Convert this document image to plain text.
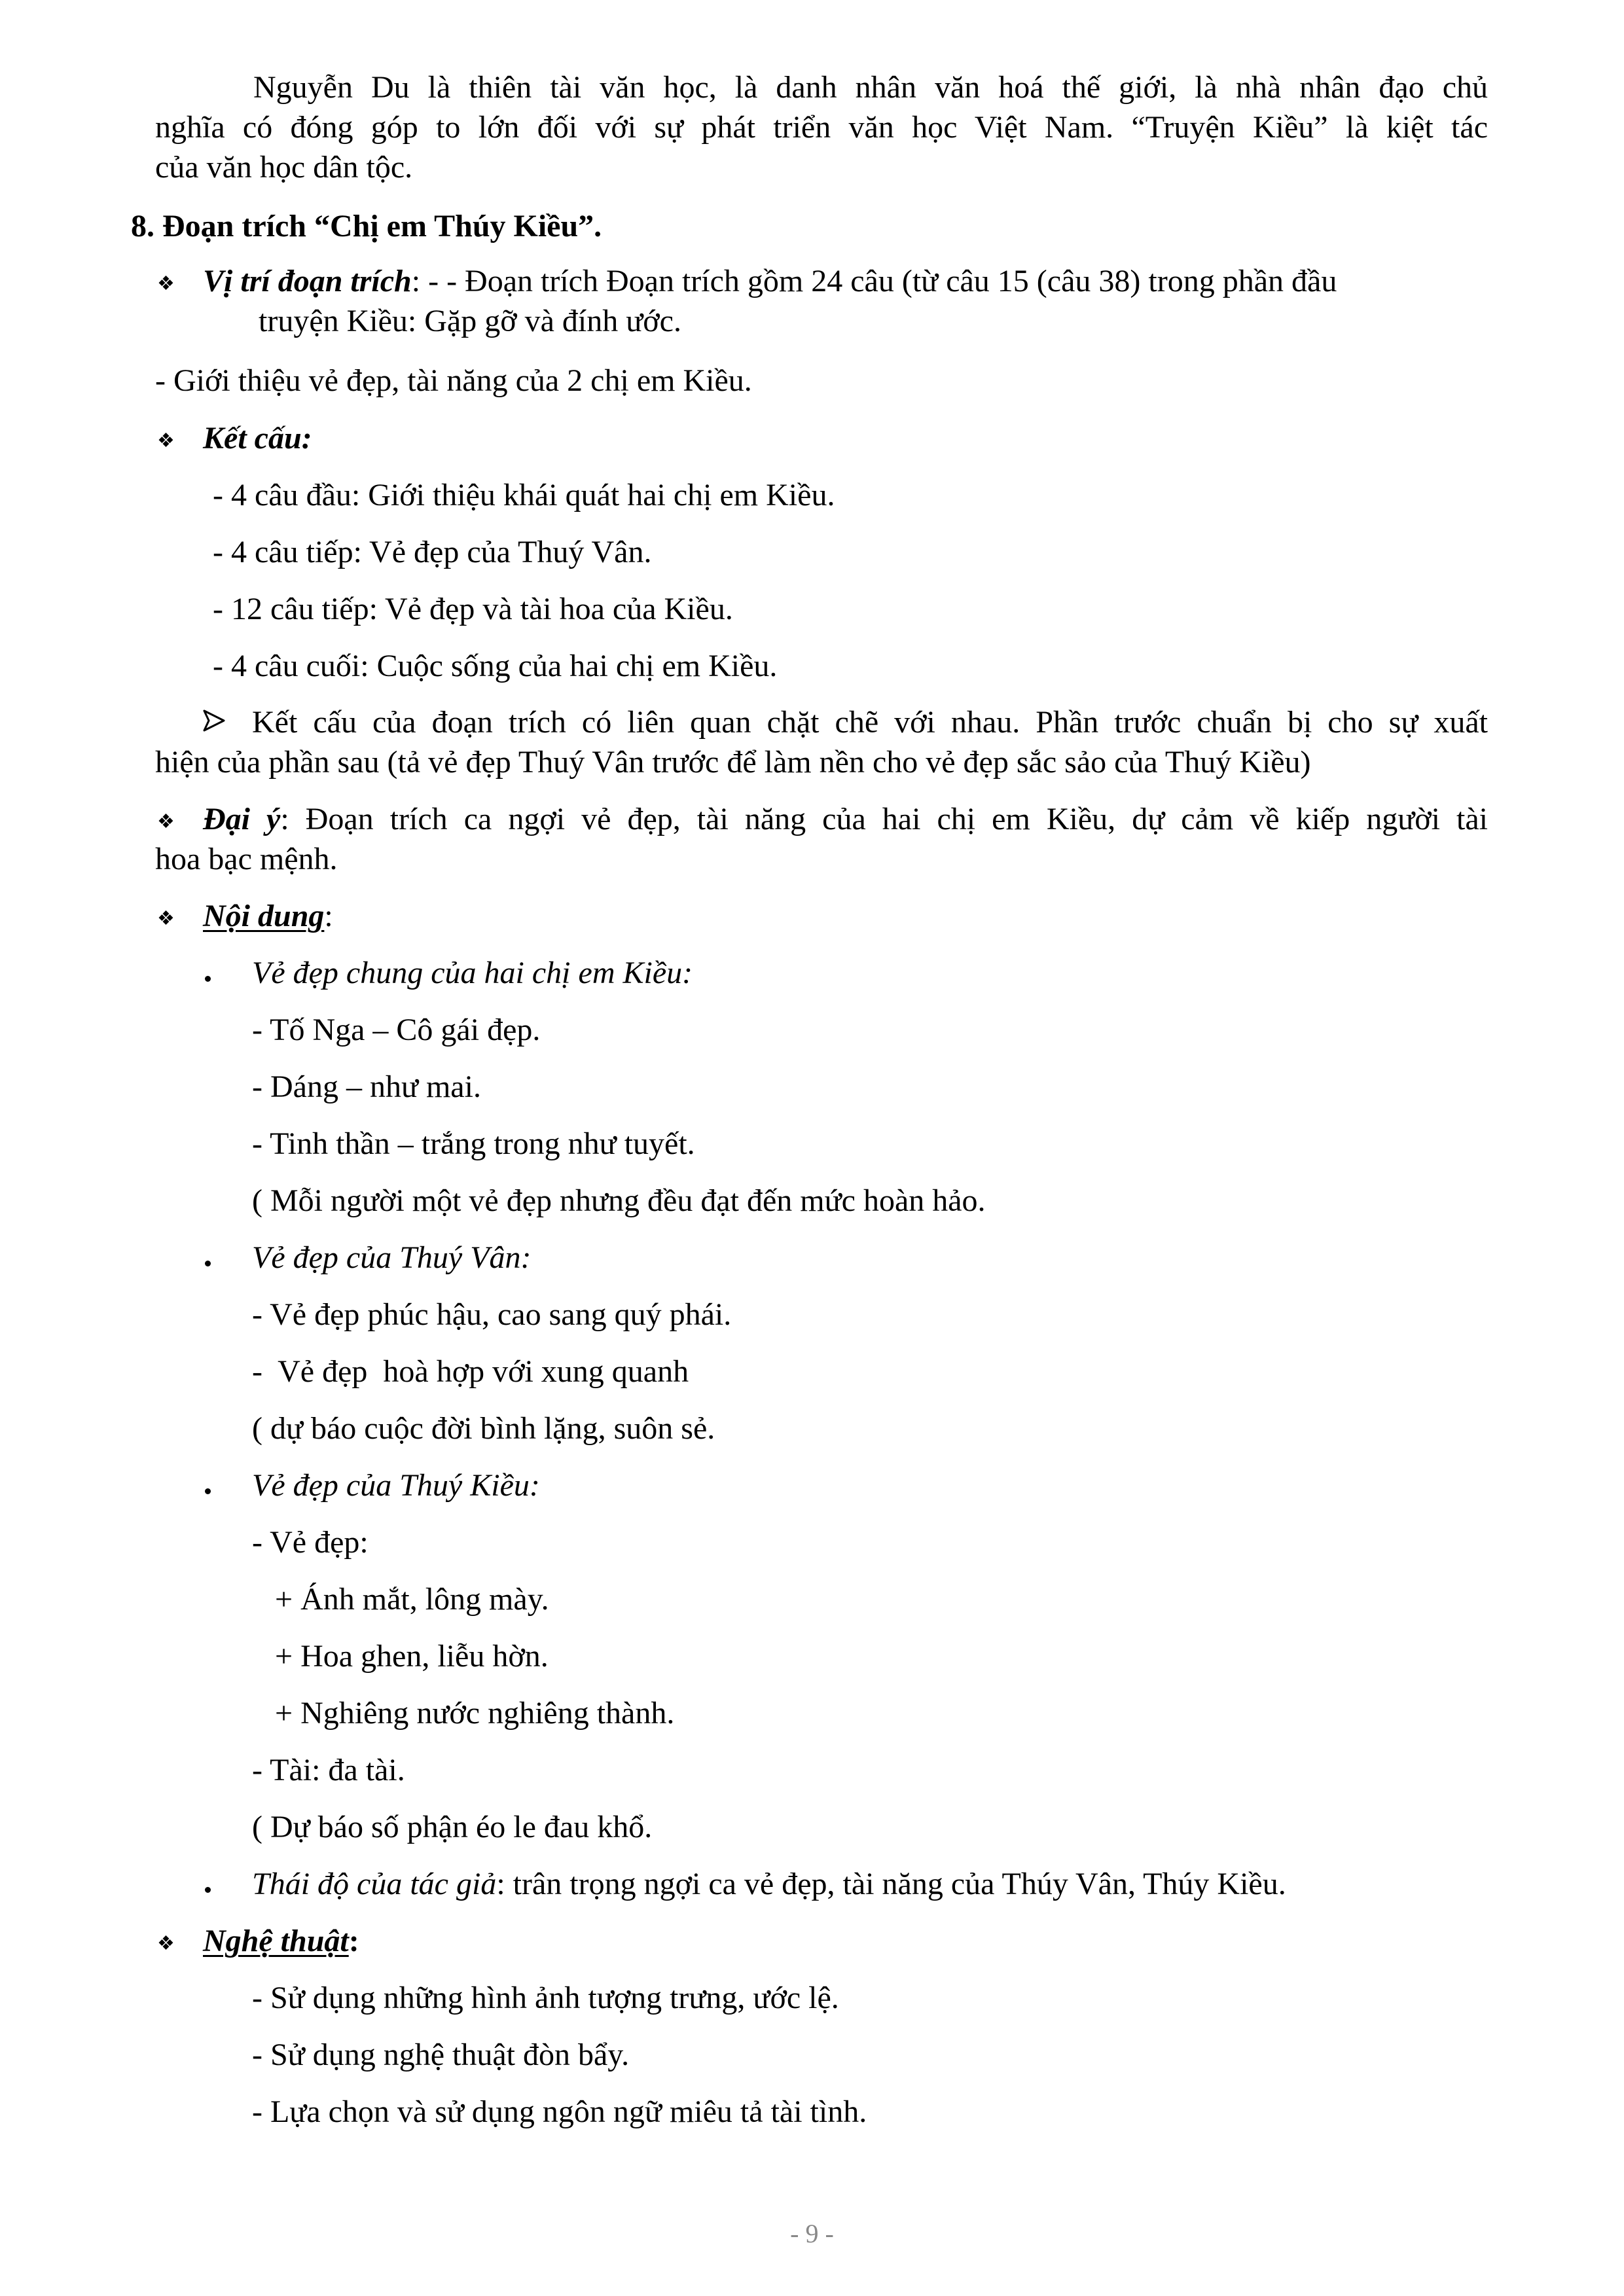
Nguyễn Du là thiên tài văn học, là danh nhân văn hoá thế giới, là nhà nhân đạo chủ
nghĩa có đóng góp to lớn đối với sự phát triển văn học Việt Nam. “Truyện Kiều” là kiệt tác
của văn học dân tộc.
8. Đoạn trích “Chị em Thúy Kiều”.
❖ Vị trí đoạn trích: - - Đoạn trích Đoạn trích gồm 24 câu (từ câu 15 (câu 38) trong phần đầu
truyện Kiều: Gặp gỡ và đính ước.
- Giới thiệu vẻ đẹp, tài năng của 2 chị em Kiều.
❖ Kết cấu:
- 4 câu đầu: Giới thiệu khái quát hai chị em Kiều.
- 4 câu tiếp: Vẻ đẹp của Thuý Vân.
- 12 câu tiếp: Vẻ đẹp và tài hoa của Kiều.
- 4 câu cuối: Cuộc sống của hai chị em Kiều.
Kết cấu của đoạn trích có liên quan chặt chẽ với nhau. Phần trước chuẩn bị cho sự xuất
hiện của phần sau (tả vẻ đẹp Thuý Vân trước để làm nền cho vẻ đẹp sắc sảo của Thuý Kiều)
❖ Đại ý: Đoạn trích ca ngợi vẻ đẹp, tài năng của hai chị em Kiều, dự cảm về kiếp người tài
hoa bạc mệnh.
❖ Nội dung:
Vẻ đẹp chung của hai chị em Kiều:
- Tố Nga – Cô gái đẹp.
- Dáng – như mai.
- Tinh thần – trắng trong như tuyết.
( Mỗi người một vẻ đẹp nhưng đều đạt đến mức hoàn hảo.
Vẻ đẹp của Thuý Vân:
- Vẻ đẹp phúc hậu, cao sang quý phái.
-  Vẻ đẹp  hoà hợp với xung quanh
( dự báo cuộc đời bình lặng, suôn sẻ.
Vẻ đẹp của Thuý Kiều:
- Vẻ đẹp:
+ Ánh mắt, lông mày.
+ Hoa ghen, liễu hờn.
+ Nghiêng nước nghiêng thành.
- Tài: đa tài.
( Dự báo số phận éo le đau khổ.
Thái độ của tác giả: trân trọng ngợi ca vẻ đẹp, tài năng của Thúy Vân, Thúy Kiều.
❖ Nghệ thuật:
- Sử dụng những hình ảnh tượng trưng, ước lệ.
- Sử dụng nghệ thuật đòn bẩy.
- Lựa chọn và sử dụng ngôn ngữ miêu tả tài tình.
- 9 -
